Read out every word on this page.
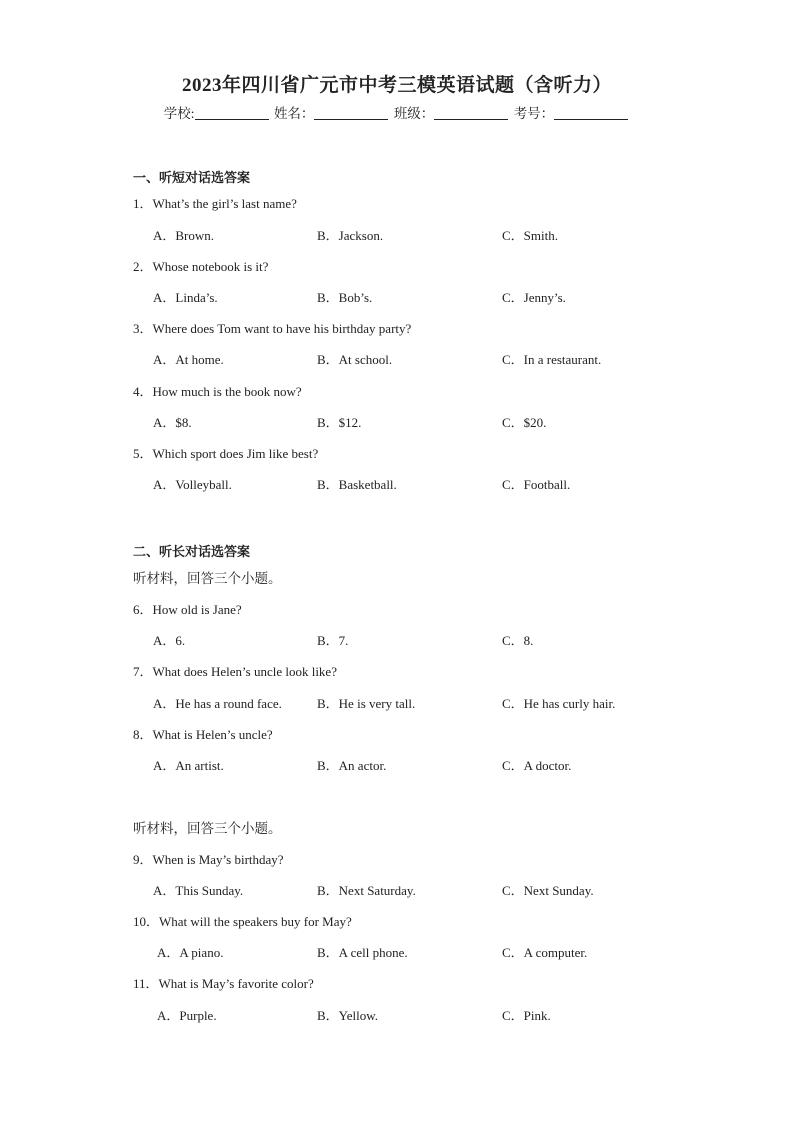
2023年四川省广元市中考三模英语试题（含听力）
学校:	姓名：	班级：	考号：
一、听短对话选答案
1．What’s the girl’s last name?
A．Brown.	B．Jackson.	C．Smith.
2．Whose notebook is it?
A．Linda’s.	B．Bob’s.	C．Jenny’s.
3．Where does Tom want to have his birthday party?
A．At home.	B．At school.	C．In a restaurant.
4．How much is the book now?
A．$8.	B．$12.	C．$20.
5．Which sport does Jim like best?
A．Volleyball.	B．Basketball.	C．Football.
二、听长对话选答案
听材料，回答三个小题。
6．How old is Jane?
A．6.	B．7.	C．8.
7．What does Helen’s uncle look like?
A．He has a round face.	B．He is very tall.	C．He has curly hair.
8．What is Helen’s uncle?
A．An artist.	B．An actor.	C．A doctor.
听材料，回答三个小题。
9．When is May’s birthday?
A．This Sunday.	B．Next Saturday.	C．Next Sunday.
10．What will the speakers buy for May?
A．A piano.	B．A cell phone.	C．A computer.
11．What is May’s favorite color?
A．Purple.	B．Yellow.	C．Pink.
